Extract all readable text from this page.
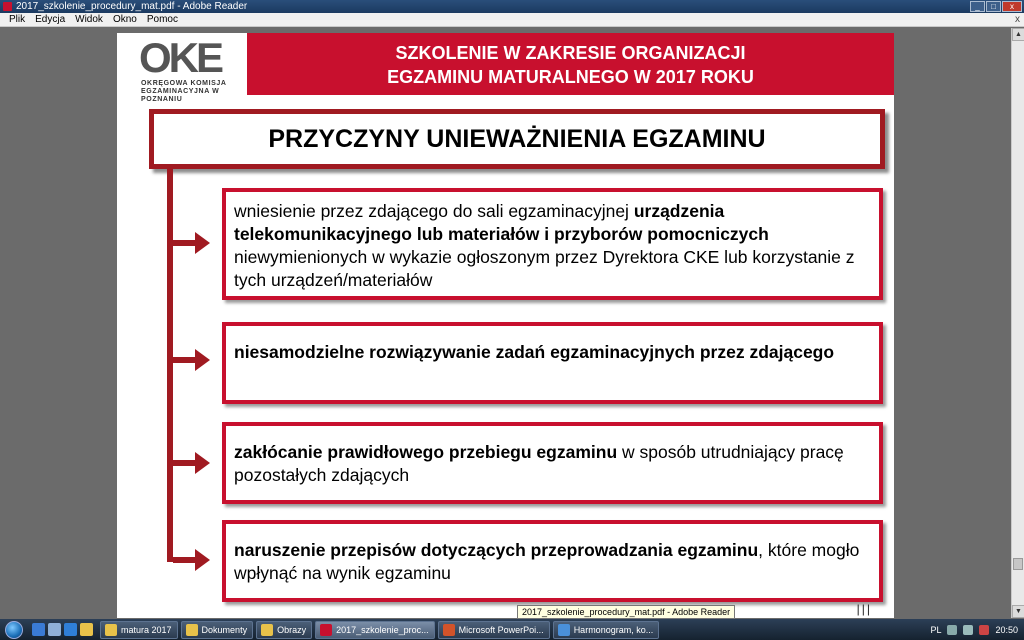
2017_szkolenie_procedury_mat.pdf - Adobe Reader	_	□	x
Plik	Edycja	Widok	Okno	Pomoc	x
OKE
OKRĘGOWA KOMISJA
EGZAMINACYJNA W POZNANIU
SZKOLENIE W ZAKRESIE ORGANIZACJI
EGZAMINU MATURALNEGO W 2017 ROKU
PRZYCZYNY UNIEWAŻNIENIA EGZAMINU
wniesienie przez zdającego do sali egzaminacyjnej urządzenia telekomunikacyjnego lub materiałów i przyborów pomocniczych niewymienionych w wykazie ogłoszonym przez Dyrektora CKE lub korzystanie z tych urządzeń/materiałów
niesamodzielne rozwiązywanie zadań egzaminacyjnych przez zdającego
zakłócanie prawidłowego przebiegu egzaminu w sposób utrudniający pracę pozostałych zdających
naruszenie przepisów dotyczących przeprowadzania egzaminu, które mogło wpłynąć na wynik egzaminu
|||
▲
▼
2017_szkolenie_procedury_mat.pdf - Adobe Reader
matura 2017	Dokumenty	Obrazy	2017_szkolenie_proc...	Microsoft PowerPoi...	Harmonogram, ko...	PL	20:50
